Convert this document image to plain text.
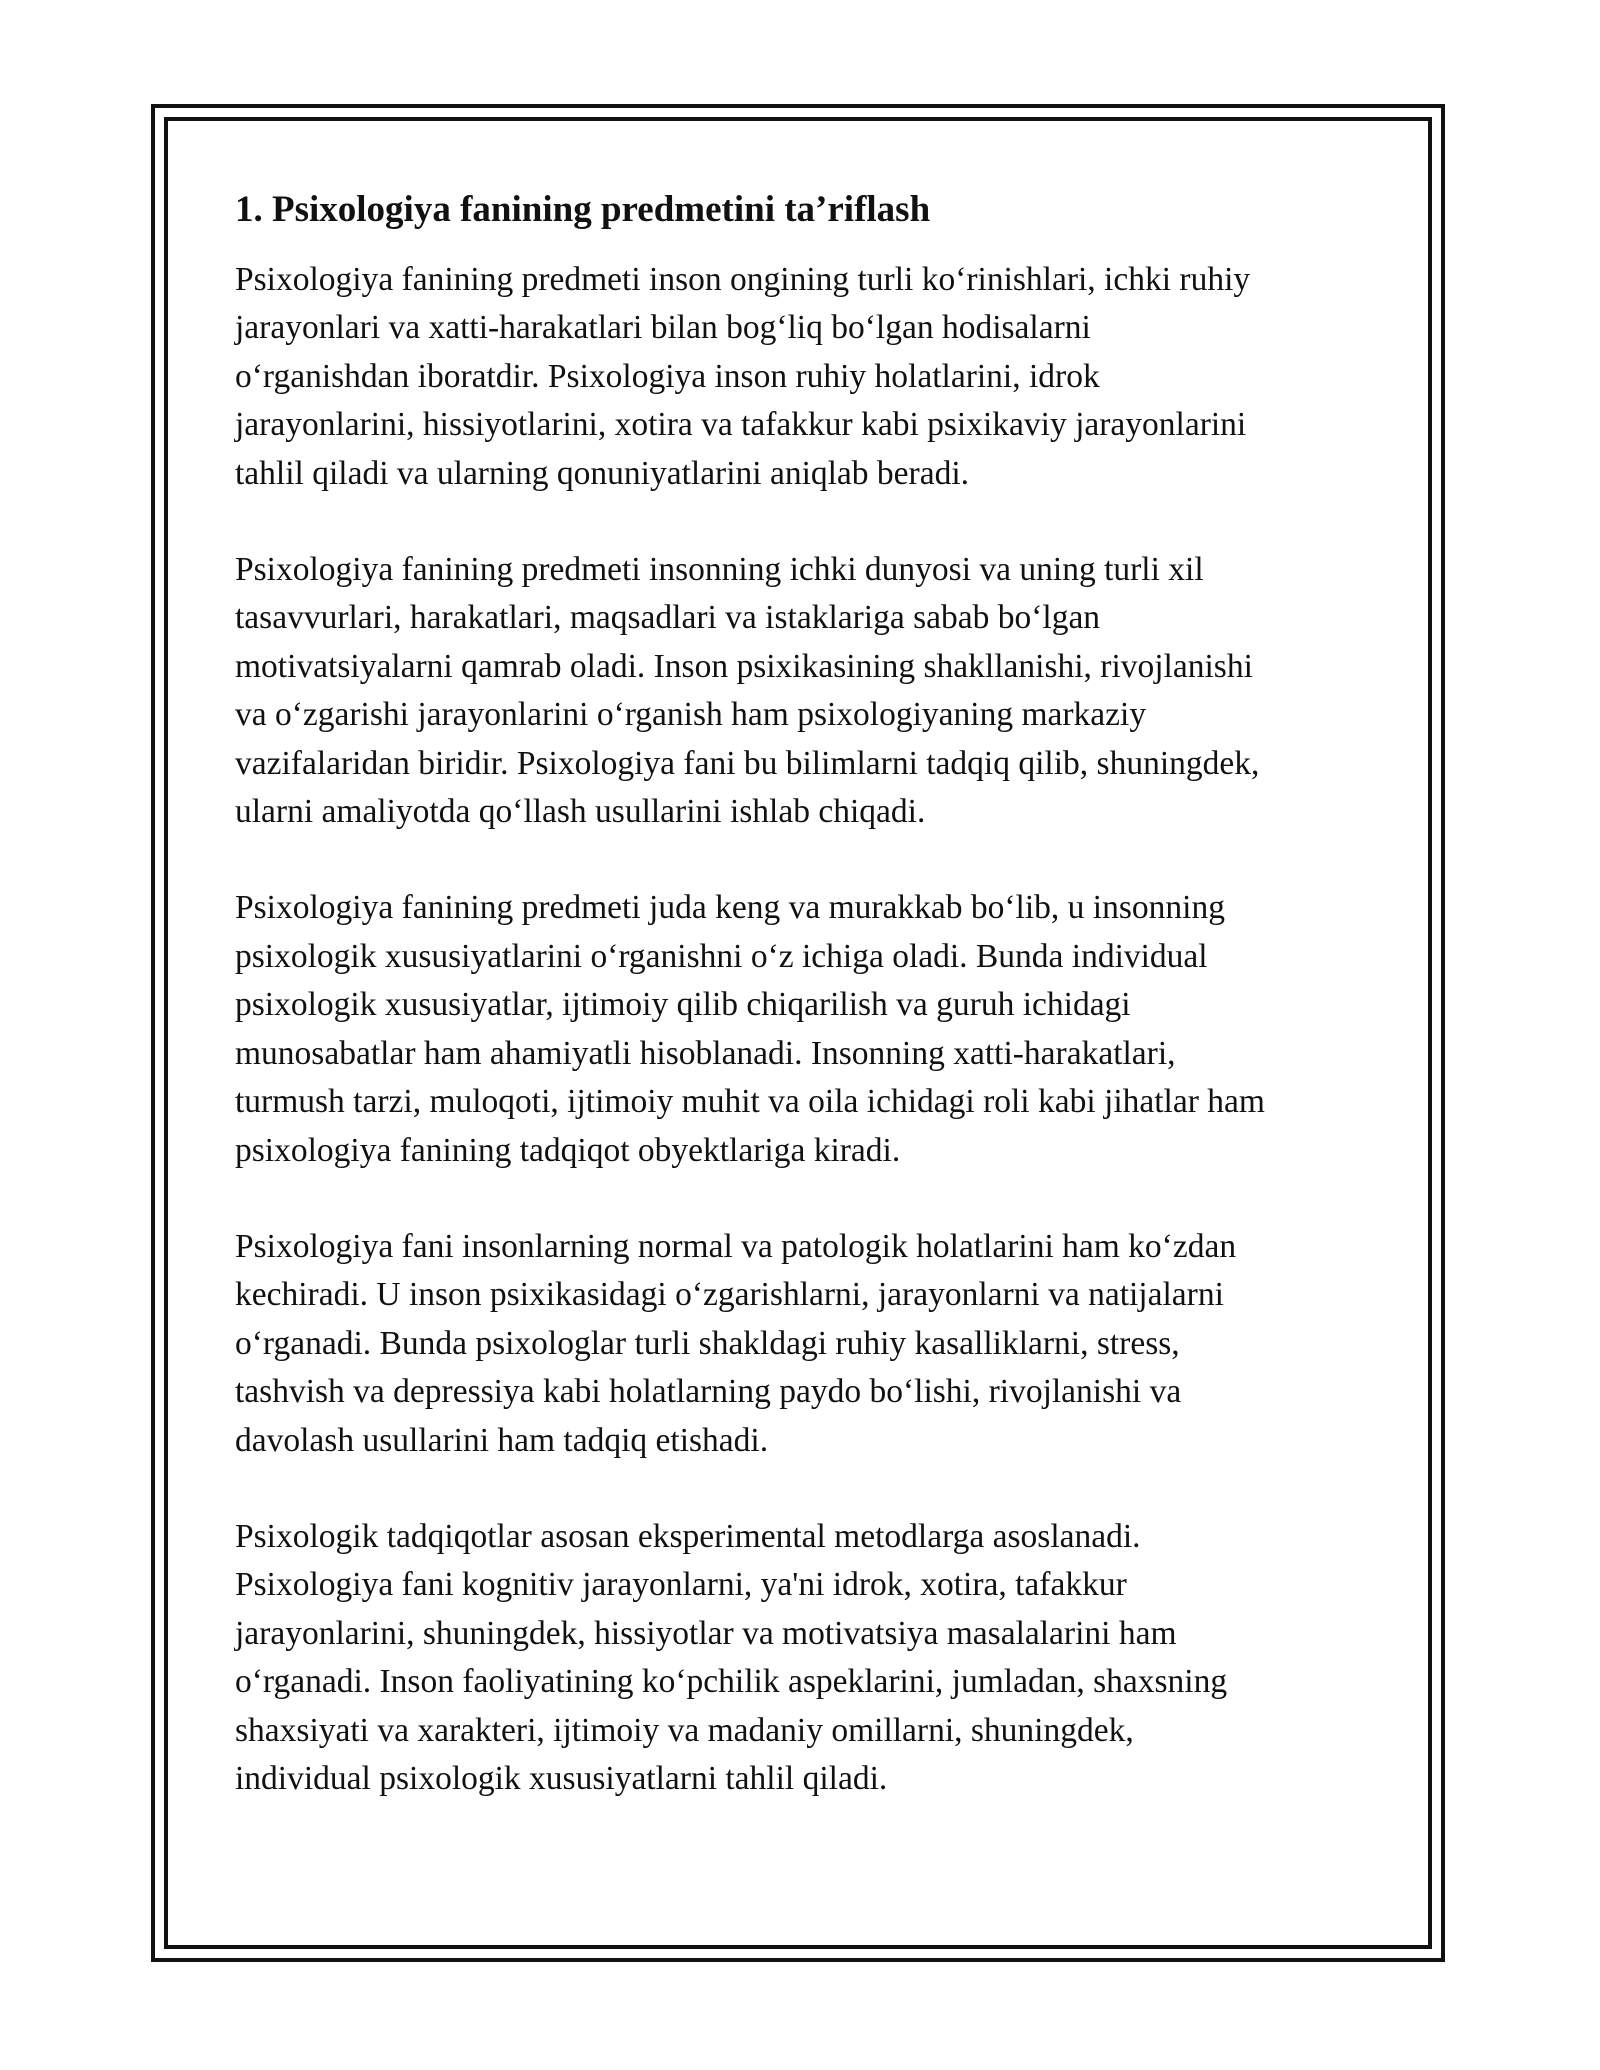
1. Psixologiya fanining predmetini ta’riflash

Psixologiya fanining predmeti inson ongining turli koʻrinishlari, ichki ruhiy
jarayonlari va xatti-harakatlari bilan bogʻliq boʻlgan hodisalarni
oʻrganishdan iboratdir. Psixologiya inson ruhiy holatlarini, idrok
jarayonlarini, hissiyotlarini, xotira va tafakkur kabi psixikaviy jarayonlarini
tahlil qiladi va ularning qonuniyatlarini aniqlab beradi.

Psixologiya fanining predmeti insonning ichki dunyosi va uning turli xil
tasavvurlari, harakatlari, maqsadlari va istaklariga sabab boʻlgan
motivatsiyalarni qamrab oladi. Inson psixikasining shakllanishi, rivojlanishi
va oʻzgarishi jarayonlarini oʻrganish ham psixologiyaning markaziy
vazifalaridan biridir. Psixologiya fani bu bilimlarni tadqiq qilib, shuningdek,
ularni amaliyotda qoʻllash usullarini ishlab chiqadi.

Psixologiya fanining predmeti juda keng va murakkab boʻlib, u insonning
psixologik xususiyatlarini oʻrganishni oʻz ichiga oladi. Bunda individual
psixologik xususiyatlar, ijtimoiy qilib chiqarilish va guruh ichidagi
munosabatlar ham ahamiyatli hisoblanadi. Insonning xatti-harakatlari,
turmush tarzi, muloqoti, ijtimoiy muhit va oila ichidagi roli kabi jihatlar ham
psixologiya fanining tadqiqot obyektlariga kiradi.

Psixologiya fani insonlarning normal va patologik holatlarini ham koʻzdan
kechiradi. U inson psixikasidagi oʻzgarishlarni, jarayonlarni va natijalarni
oʻrganadi. Bunda psixologlar turli shakldagi ruhiy kasalliklarni, stress,
tashvish va depressiya kabi holatlarning paydo boʻlishi, rivojlanishi va
davolash usullarini ham tadqiq etishadi.

Psixologik tadqiqotlar asosan eksperimental metodlarga asoslanadi.
Psixologiya fani kognitiv jarayonlarni, ya'ni idrok, xotira, tafakkur
jarayonlarini, shuningdek, hissiyotlar va motivatsiya masalalarini ham
oʻrganadi. Inson faoliyatining koʻpchilik aspeklarini, jumladan, shaxsning
shaxsiyati va xarakteri, ijtimoiy va madaniy omillarni, shuningdek,
individual psixologik xususiyatlarni tahlil qiladi.
